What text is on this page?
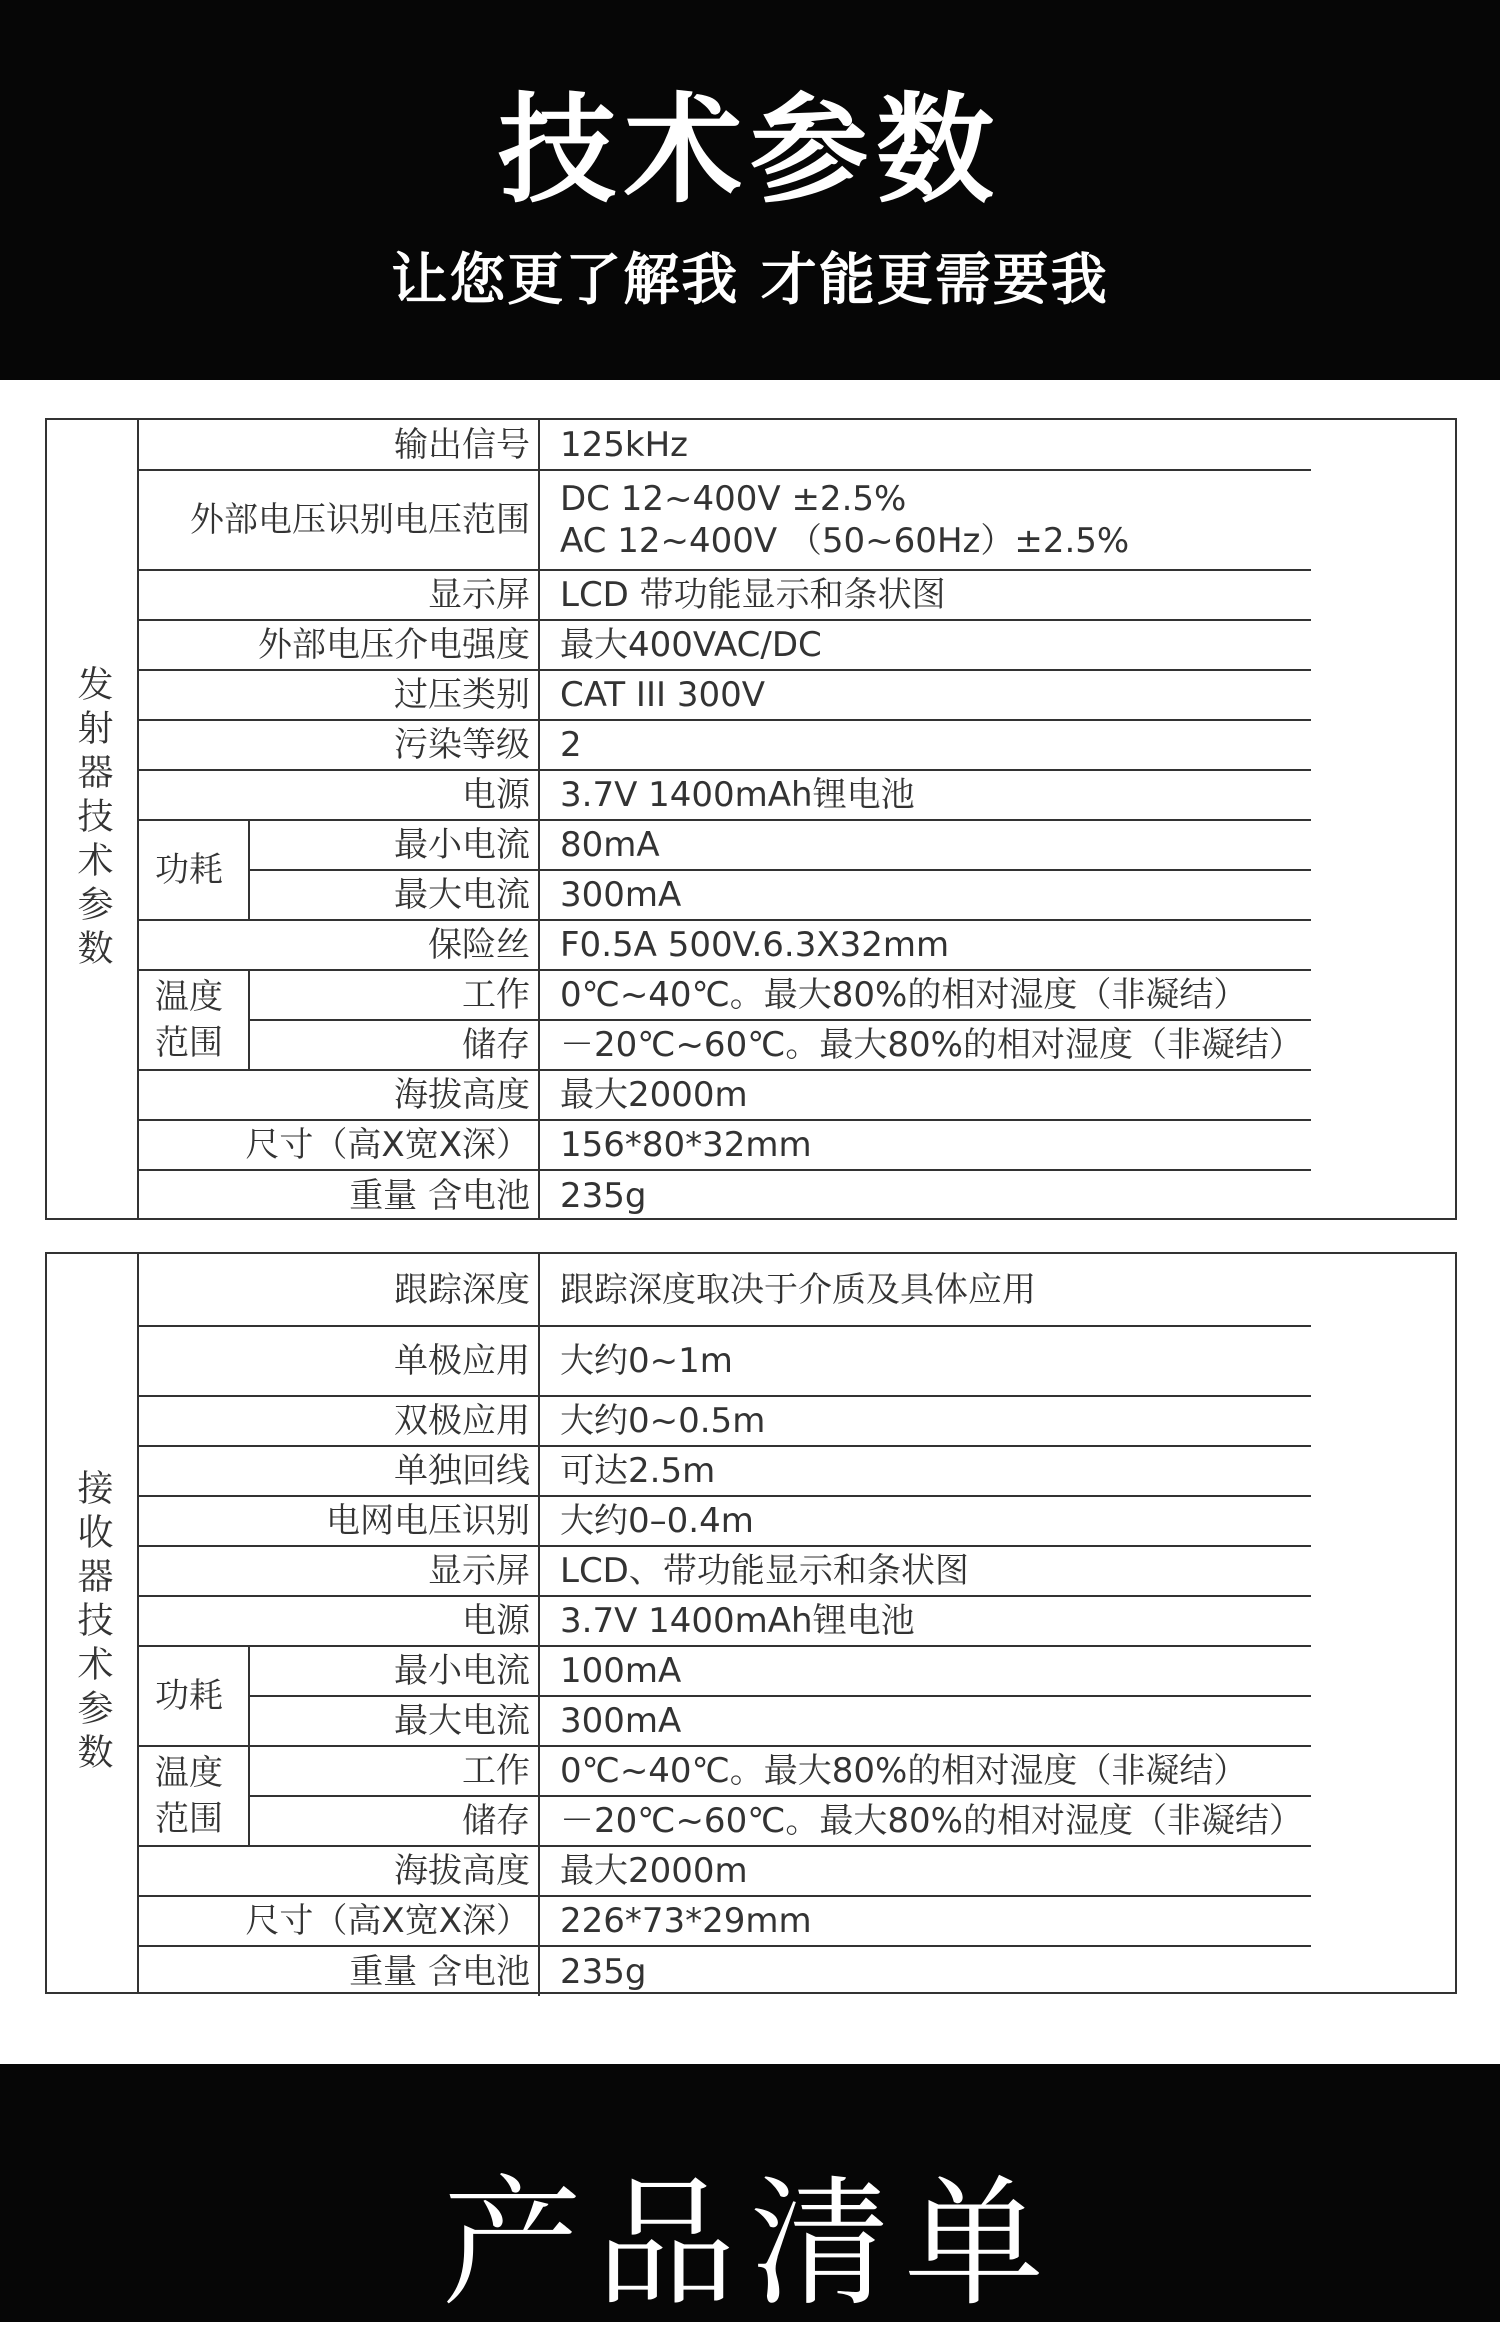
技术参数
让您更了解我 才能更需要我
发射器技术参数
输出信号		125kHz
外部电压识别电压范围		DC 12~400V ±2.5%
AC 12~400V （50~60Hz）±2.5%

显示屏		LCD 带功能显示和条状图
外部电压介电强度		最大400VAC/DC
过压类别		CAT III 300V
污染等级		2
电源		3.7V 1400mAh锂电池
功耗	最小电流	80mA
	最大电流	300mA
保险丝		F0.5A 500V.6.3X32mm
温度范围	工作	0℃~40℃。最大80%的相对湿度（非凝结）
	储存	－20℃~60℃。最大80%的相对湿度（非凝结）
海拔高度		最大2000m
尺寸（高X宽X深）		156*80*32mm
重量 含电池		235g
接收器技术参数
跟踪深度		跟踪深度取决于介质及具体应用
单极应用		大约0~1m
双极应用		大约0~0.5m
单独回线		可达2.5m
电网电压识别		大约0–0.4m
显示屏		LCD、带功能显示和条状图
电源		3.7V 1400mAh锂电池
功耗	最小电流	100mA
	最大电流	300mA
温度范围	工作	0℃~40℃。最大80%的相对湿度（非凝结）
	储存	－20℃~60℃。最大80%的相对湿度（非凝结）
海拔高度		最大2000m
尺寸（高X宽X深）		226*73*29mm
重量 含电池		235g
产品清单
